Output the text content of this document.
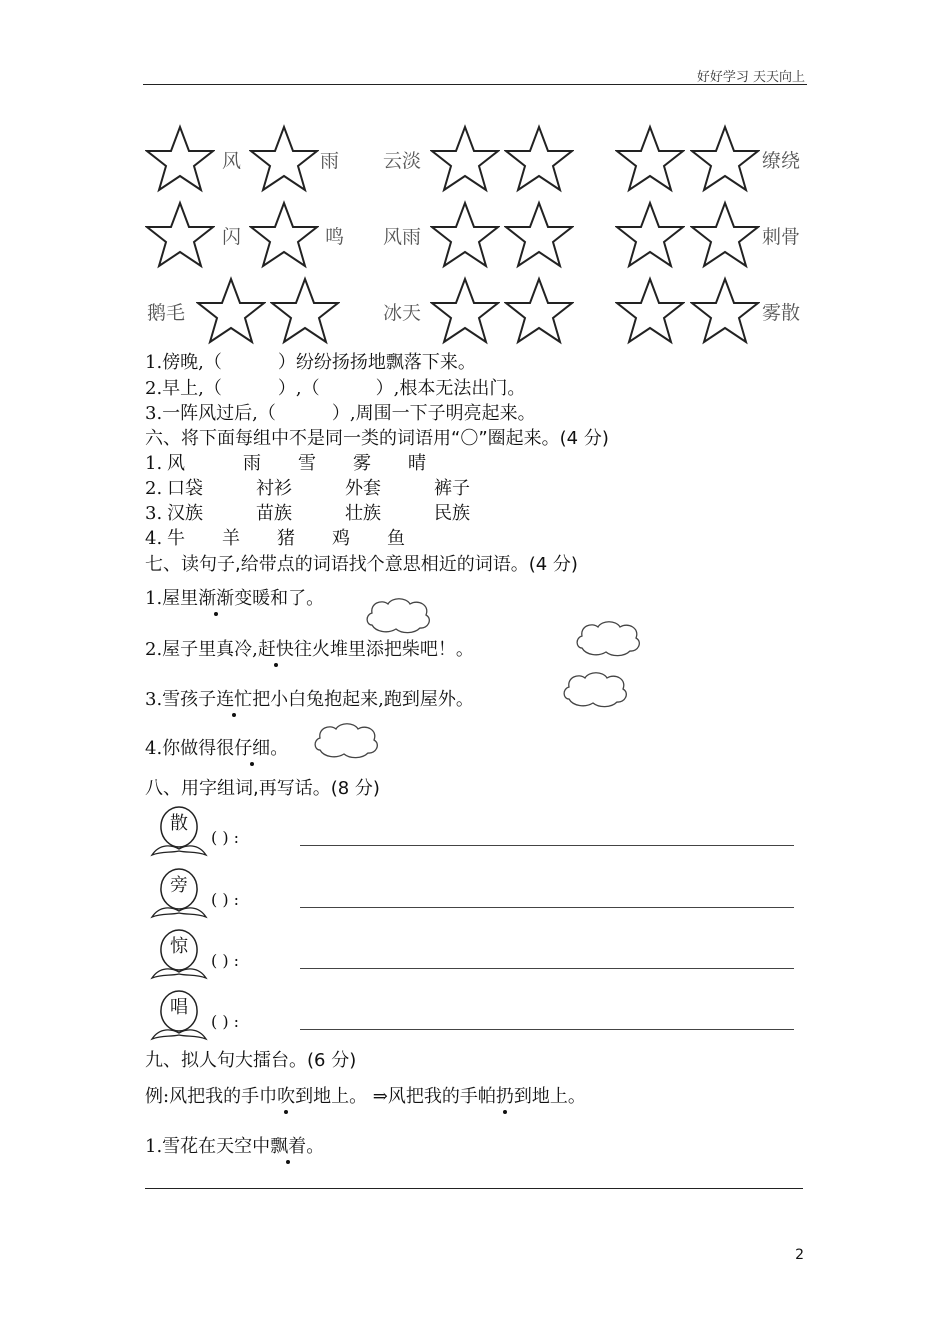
好好学习 天天向上
风	雨 云淡	缭绕
闪	鸣 风雨	刺骨
鹅毛	冰天	雾散
1.傍晚,（	）纷纷扬扬地飘落下来。
2.早上,（	）,（	）,根本无法出门。
3.一阵风过后,（	）,周围一下子明亮起来。
六、将下面每组中不是同一类的词语用“〇”圈起来。(4 分)
1. 风	雨 雪 雾 晴
2. 口袋	衬衫	外套	裤子
3. 汉族	苗族	壮族	民族
4. 牛 羊 猪 鸡 鱼
七、读句子,给带点的词语找个意思相近的词语。(4 分)
1.屋里渐渐变暖和了。
2.屋子里真冷,赶快往火堆里添把柴吧！。
3.雪孩子连忙把小白兔抱起来,跑到屋外。
4.你做得很仔细。
八、用字组词,再写话。(8 分)
散
( ) :
旁
( ) :
惊
( ) :
唱
( ) :
九、拟人句大擂台。(6 分)
例:风把我的手巾吹到地上。 ⇒风把我的手帕扔到地上。
1.雪花在天空中飘着。
2
